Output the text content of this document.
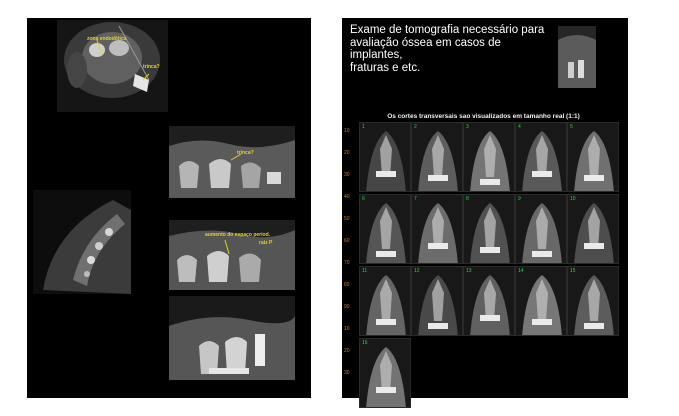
zona endodôtica
trinca?
trinca?
aumento do espaço period.
raiz P
Exame de tomografia necessário para
avaliação óssea em casos de
implantes,
fraturas e etc.
Os cortes transversais sao visualizados em tamanho real (1:1)
10
20
30
40
50
60
70
80
90
10
20
30
1	2	3	4	5
6	7	8	9	10
11	12	13	14	15
16
